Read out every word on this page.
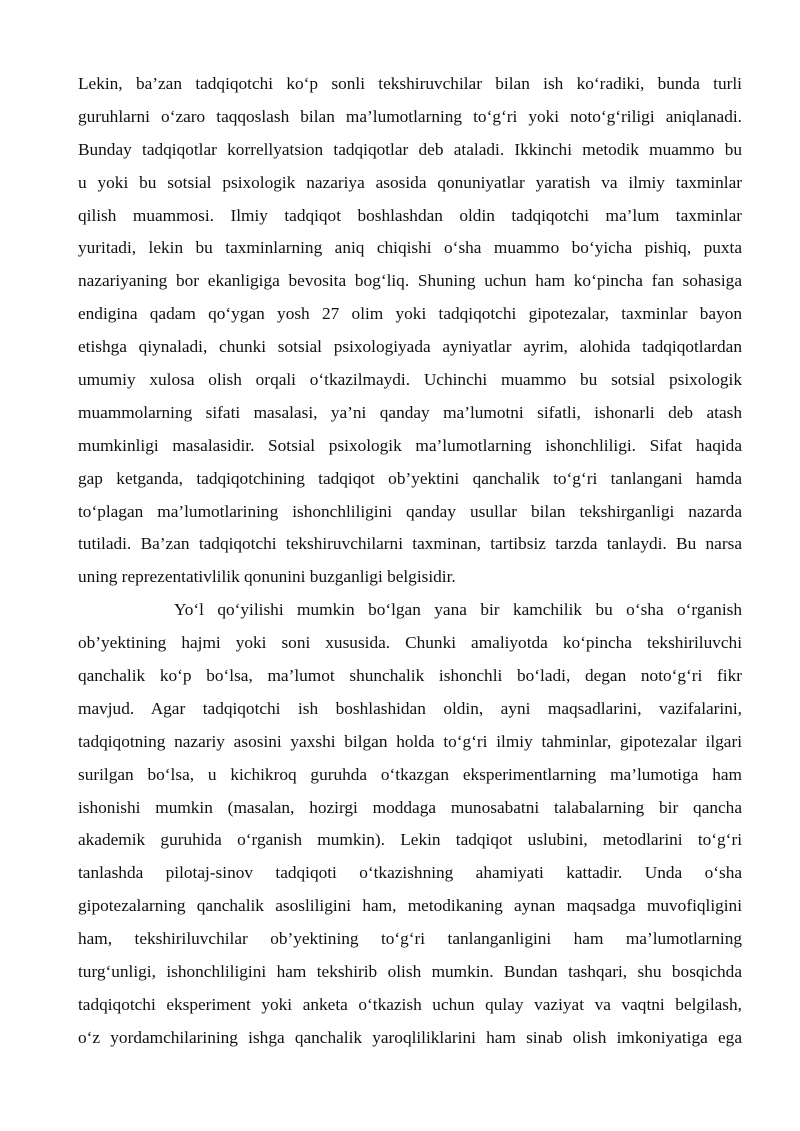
Lekin, ba’zan tadqiqotchi ko‘p sonli tekshiruvchilar bilan ish ko‘radiki, bunda turli
guruhlarni o‘zaro taqqoslash bilan ma’lumotlarning to‘g‘ri yoki noto‘g‘riligi aniqlanadi.
Bunday tadqiqotlar korrellyatsion tadqiqotlar deb ataladi. Ikkinchi metodik muammo bu
u yoki bu sotsial psixologik nazariya asosida qonuniyatlar yaratish va ilmiy taxminlar
qilish muammosi. Ilmiy tadqiqot boshlashdan oldin tadqiqotchi ma’lum taxminlar
yuritadi, lekin bu taxminlarning aniq chiqishi o‘sha muammo bo‘yicha pishiq, puxta
nazariyaning bor ekanligiga bevosita bog‘liq. Shuning uchun ham ko‘pincha fan sohasiga
endigina qadam qo‘ygan yosh 27 olim yoki tadqiqotchi gipotezalar, taxminlar bayon
etishga qiynaladi, chunki sotsial psixologiyada ayniyatlar ayrim, alohida tadqiqotlardan
umumiy xulosa olish orqali o‘tkazilmaydi. Uchinchi muammo bu sotsial psixologik
muammolarning sifati masalasi, ya’ni qanday ma’lumotni sifatli, ishonarli deb atash
mumkinligi masalasidir. Sotsial psixologik ma’lumotlarning ishonchliligi. Sifat haqida
gap ketganda, tadqiqotchining tadqiqot ob’yektini qanchalik to‘g‘ri tanlangani hamda
to‘plagan ma’lumotlarining ishonchliligini qanday usullar bilan tekshirganligi nazarda
tutiladi. Ba’zan tadqiqotchi tekshiruvchilarni taxminan, tartibsiz tarzda tanlaydi. Bu narsa
uning reprezentativlilik qonunini buzganligi belgisidir.
Yo‘l qo‘yilishi mumkin bo‘lgan yana bir kamchilik bu o‘sha o‘rganish
ob’yektining hajmi yoki soni xususida. Chunki amaliyotda ko‘pincha tekshiriluvchi
qanchalik ko‘p bo‘lsa, ma’lumot shunchalik ishonchli bo‘ladi, degan noto‘g‘ri fikr
mavjud. Agar tadqiqotchi ish boshlashidan oldin, ayni maqsadlarini, vazifalarini,
tadqiqotning nazariy asosini yaxshi bilgan holda to‘g‘ri ilmiy tahminlar, gipotezalar ilgari
surilgan bo‘lsa, u kichikroq guruhda o‘tkazgan eksperimentlarning ma’lumotiga ham
ishonishi mumkin (masalan, hozirgi moddaga munosabatni talabalarning bir qancha
akademik guruhida o‘rganish mumkin). Lekin tadqiqot uslubini, metodlarini to‘g‘ri
tanlashda pilotaj-sinov tadqiqoti o‘tkazishning ahamiyati kattadir. Unda o‘sha
gipotezalarning qanchalik asosliligini ham, metodikaning aynan maqsadga muvofiqligini
ham, tekshiriluvchilar ob’yektining to‘g‘ri tanlanganligini ham ma’lumotlarning
turg‘unligi, ishonchliligini ham tekshirib olish mumkin. Bundan tashqari, shu bosqichda
tadqiqotchi eksperiment yoki anketa o‘tkazish uchun qulay vaziyat va vaqtni belgilash,
o‘z yordamchilarining ishga qanchalik yaroqliliklarini ham sinab olish imkoniyatiga ega
